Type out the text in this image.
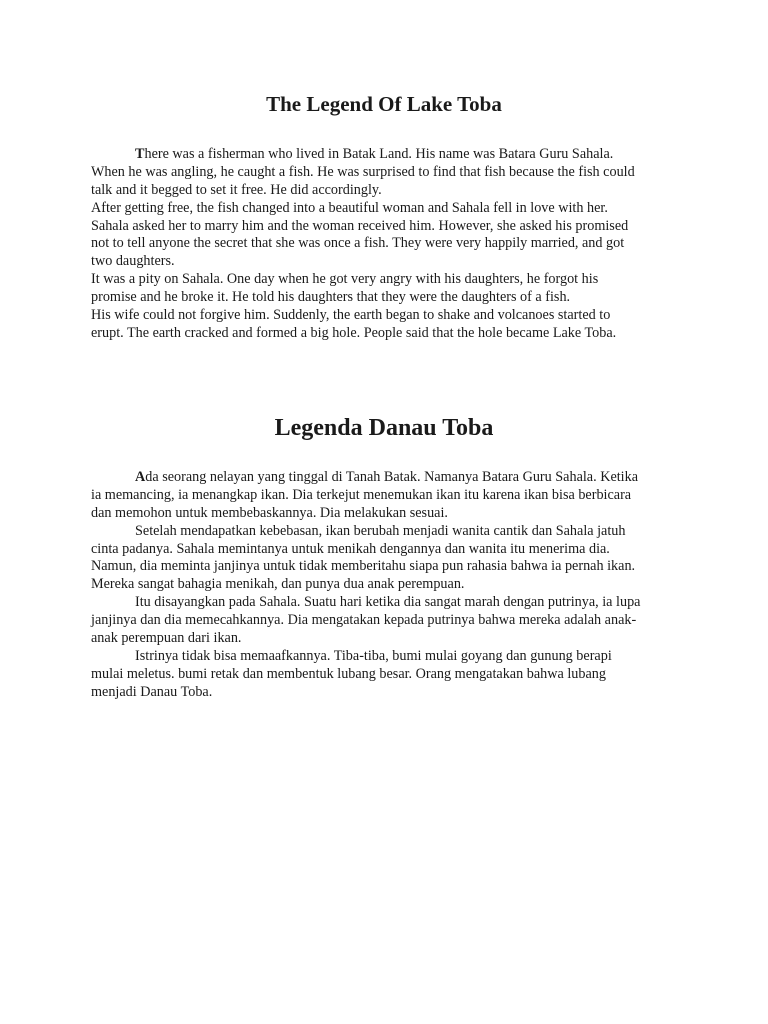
The Legend Of Lake Toba
There was a fisherman who lived in Batak Land. His name was Batara Guru Sahala.
When he was angling, he caught a fish. He was surprised to find that fish because the fish could
talk and it begged to set it free. He did accordingly.
After getting free, the fish changed into a beautiful woman and Sahala fell in love with her.
Sahala asked her to marry him and the woman received him. However, she asked his promised
not to tell anyone the secret that she was once a fish. They were very happily married, and got
two daughters.
It was a pity on Sahala. One day when he got very angry with his daughters, he forgot his
promise and he broke it. He told his daughters that they were the daughters of a fish.
His wife could not forgive him. Suddenly, the earth began to shake and volcanoes started to
erupt. The earth cracked and formed a big hole. People said that the hole became Lake Toba.
Legenda Danau Toba
Ada seorang nelayan yang tinggal di Tanah Batak. Namanya Batara Guru Sahala. Ketika
ia memancing, ia menangkap ikan. Dia terkejut menemukan ikan itu karena ikan bisa berbicara
dan memohon untuk membebaskannya. Dia melakukan sesuai.
Setelah mendapatkan kebebasan, ikan berubah menjadi wanita cantik dan Sahala jatuh
cinta padanya. Sahala memintanya untuk menikah dengannya dan wanita itu menerima dia.
Namun, dia meminta janjinya untuk tidak memberitahu siapa pun rahasia bahwa ia pernah ikan.
Mereka sangat bahagia menikah, dan punya dua anak perempuan.
Itu disayangkan pada Sahala. Suatu hari ketika dia sangat marah dengan putrinya, ia lupa
janjinya dan dia memecahkannya. Dia mengatakan kepada putrinya bahwa mereka adalah anak-
anak perempuan dari ikan.
Istrinya tidak bisa memaafkannya. Tiba-tiba, bumi mulai goyang dan gunung berapi
mulai meletus. bumi retak dan membentuk lubang besar. Orang mengatakan bahwa lubang
menjadi Danau Toba.
